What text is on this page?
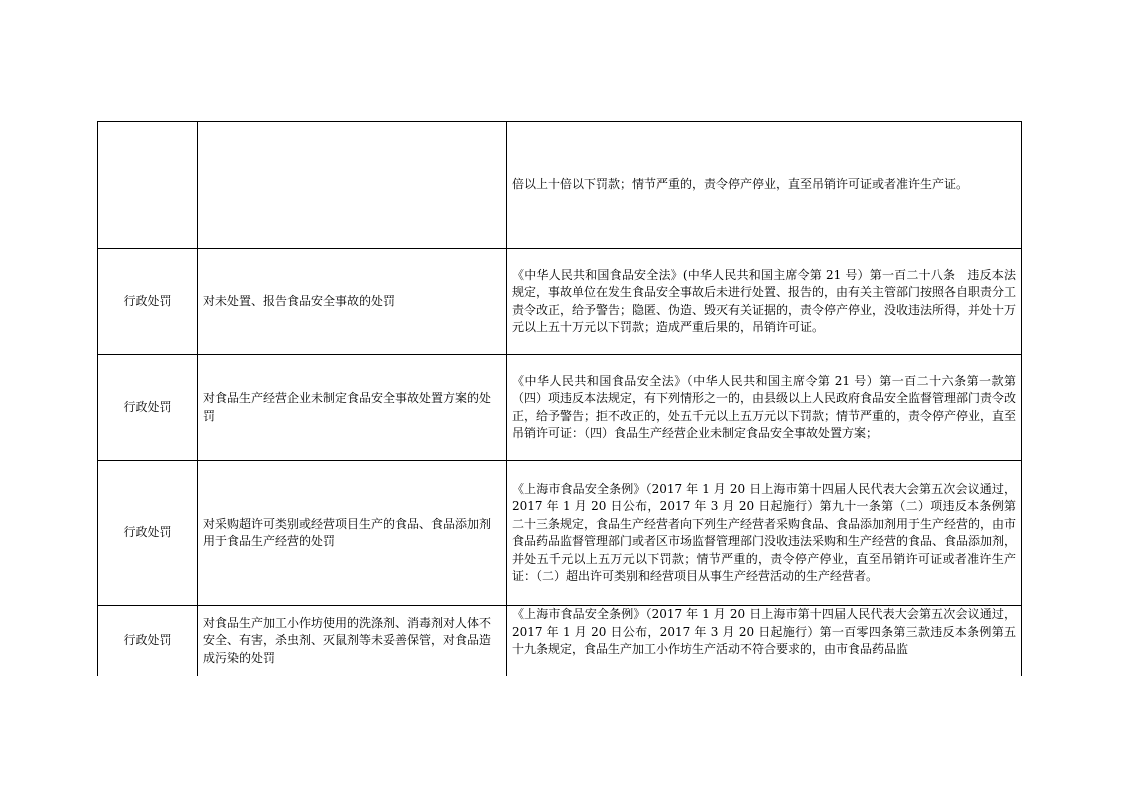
		倍以上十倍以下罚款；情节严重的，责令停产停业，直至吊销许可证或者准许生产证。
行政处罚	对未处置、报告食品安全事故的处罚	《中华人民共和国食品安全法》(中华人民共和国主席令第 21 号）第一百二十八条　违反本法规定，事故单位在发生食品安全事故后未进行处置、报告的，由有关主管部门按照各自职责分工责令改正，给予警告；隐匿、伪造、毁灭有关证据的，责令停产停业，没收违法所得，并处十万元以上五十万元以下罚款；造成严重后果的，吊销许可证。
行政处罚	对食品生产经营企业未制定食品安全事故处置方案的处罚	《中华人民共和国食品安全法》（中华人民共和国主席令第 21 号）第一百二十六条第一款第（四）项违反本法规定，有下列情形之一的，由县级以上人民政府食品安全监督管理部门责令改正，给予警告；拒不改正的，处五千元以上五万元以下罚款；情节严重的，责令停产停业，直至吊销许可证：（四）食品生产经营企业未制定食品安全事故处置方案；
行政处罚	对采购超许可类别或经营项目生产的食品、食品添加剂用于食品生产经营的处罚	《上海市食品安全条例》（2017 年 1 月 20 日上海市第十四届人民代表大会第五次会议通过，2017 年 1 月 20 日公布，2017 年 3 月 20 日起施行）第九十一条第（二）项违反本条例第二十三条规定，食品生产经营者向下列生产经营者采购食品、食品添加剂用于生产经营的，由市食品药品监督管理部门或者区市场监督管理部门没收违法采购和生产经营的食品、食品添加剂，并处五千元以上五万元以下罚款；情节严重的，责令停产停业，直至吊销许可证或者准许生产证：（二）超出许可类别和经营项目从事生产经营活动的生产经营者。
行政处罚	对食品生产加工小作坊使用的洗涤剂、消毒剂对人体不安全、有害，杀虫剂、灭鼠剂等未妥善保管，对食品造成污染的处罚	《上海市食品安全条例》（2017 年 1 月 20 日上海市第十四届人民代表大会第五次会议通过，2017 年 1 月 20 日公布，2017 年 3 月 20 日起施行）第一百零四条第三款违反本条例第五十九条规定，食品生产加工小作坊生产活动不符合要求的，由市食品药品监
